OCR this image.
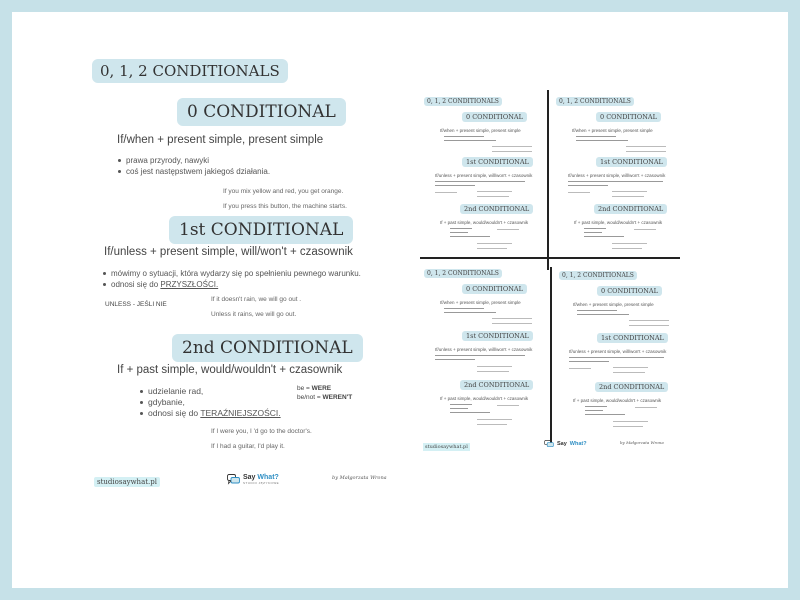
0, 1, 2 CONDITIONALS
0 CONDITIONAL
If/when + present simple, present simple
prawa przyrody, nawyki
coś jest następstwem jakiegoś działania.
If you mix yellow and red, you get orange.
If you press this button, the machine starts.
1st CONDITIONAL
If/unless + present simple, will/won't + czasownik
mówimy o sytuacji, która wydarzy się po spełnieniu pewnego warunku.
odnosi się do PRZYSZŁOŚCI.
UNLESS - JEŚLI NIE
If it doesn't rain, we will go out .
Unless it rains, we will go out.
2nd CONDITIONAL
If + past simple, would/wouldn't + czasownik
udzielanie rad,
gdybanie,
odnosi się do TERAŹNIEJSZOŚCI.
be = WERE
be/not = WEREN'T
If I were you, I 'd go to the doctor's.
If I had a guitar, I'd play it.
studiosaywhat.pl
Say What?
STUDIO JĘZYKOWE
by Małgorzata Wrona
0, 1, 2 CONDITIONALS
0 CONDITIONAL
If/when + present simple, present simple
1st CONDITIONAL
If/unless + present simple, will/won't + czasownik
2nd CONDITIONAL
If + past simple, would/wouldn't + czasownik
0, 1, 2 CONDITIONALS
0 CONDITIONAL
If/when + present simple, present simple
1st CONDITIONAL
If/unless + present simple, will/won't + czasownik
2nd CONDITIONAL
If + past simple, would/wouldn't + czasownik
0, 1, 2 CONDITIONALS
0 CONDITIONAL
If/when + present simple, present simple
1st CONDITIONAL
If/unless + present simple, will/won't + czasownik
2nd CONDITIONAL
If + past simple, would/wouldn't + czasownik
0, 1, 2 CONDITIONALS
0 CONDITIONAL
If/when + present simple, present simple
1st CONDITIONAL
If/unless + present simple, will/won't + czasownik
2nd CONDITIONAL
If + past simple, would/wouldn't + czasownik
studiosaywhat.pl	Say What?	by Małgorzata Wrona
